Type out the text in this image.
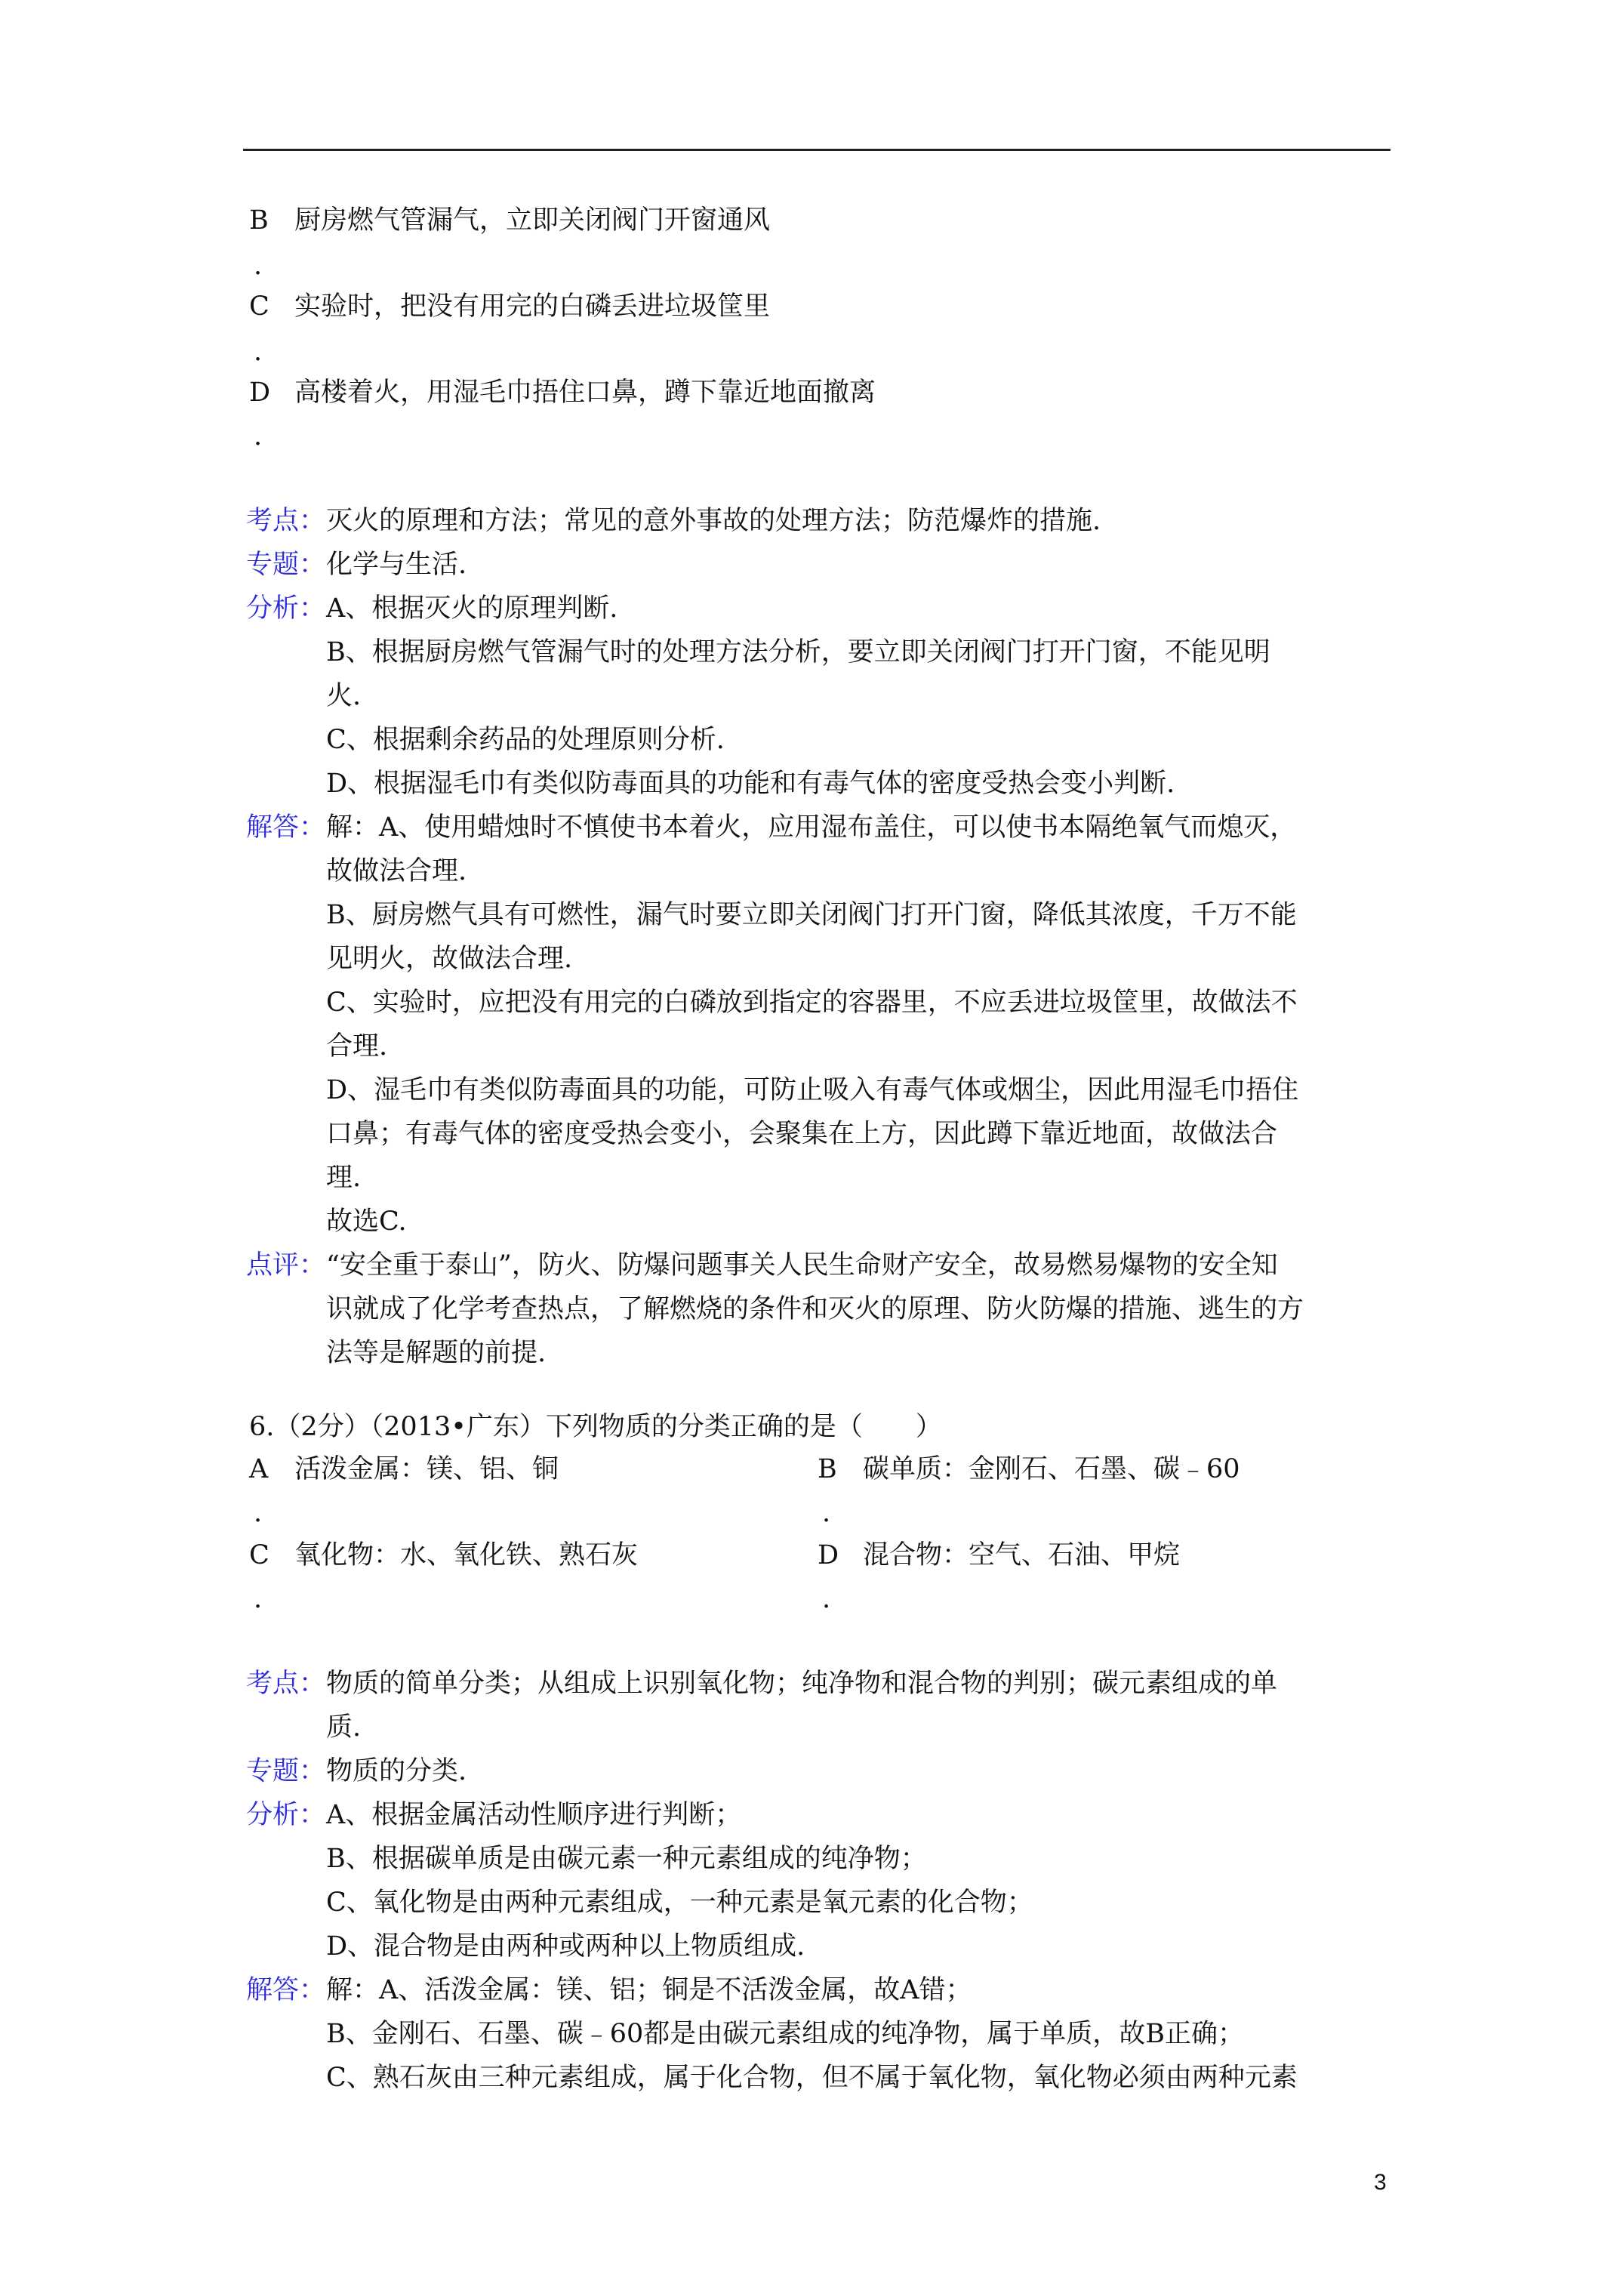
B 厨房燃气管漏气，立即关闭阀门开窗通风
.
C 实验时，把没有用完的白磷丢进垃圾筐里
.
D 高楼着火，用湿毛巾捂住口鼻，蹲下靠近地面撤离
.
考点： 灭火的原理和方法；常见的意外事故的处理方法；防范爆炸的措施.
专题： 化学与生活.
分析： A、根据灭火的原理判断.
B、根据厨房燃气管漏气时的处理方法分析，要立即关闭阀门打开门窗，不能见明
火.
C、根据剩余药品的处理原则分析.
D、根据湿毛巾有类似防毒面具的功能和有毒气体的密度受热会变小判断.
解答： 解：A、使用蜡烛时不慎使书本着火，应用湿布盖住，可以使书本隔绝氧气而熄灭，
故做法合理.
B、厨房燃气具有可燃性，漏气时要立即关闭阀门打开门窗，降低其浓度，千万不能
见明火，故做法合理.
C、实验时，应把没有用完的白磷放到指定的容器里，不应丢进垃圾筐里，故做法不
合理.
D、湿毛巾有类似防毒面具的功能，可防止吸入有毒气体或烟尘，因此用湿毛巾捂住
口鼻；有毒气体的密度受热会变小，会聚集在上方，因此蹲下靠近地面，故做法合
理.
故选C.
点评： “安全重于泰山”，防火、防爆问题事关人民生命财产安全，故易燃易爆物的安全知
识就成了化学考查热点，了解燃烧的条件和灭火的原理、防火防爆的措施、逃生的方
法等是解题的前提.
6.（2分）（2013•广东）下列物质的分类正确的是（　　）
A 活泼金属：镁、铝、铜
.
B 碳单质：金刚石、石墨、碳﹣60
.
C 氧化物：水、氧化铁、熟石灰
.
D 混合物：空气、石油、甲烷
.
考点： 物质的简单分类；从组成上识别氧化物；纯净物和混合物的判别；碳元素组成的单
质.
专题： 物质的分类.
分析： A、根据金属活动性顺序进行判断；
B、根据碳单质是由碳元素一种元素组成的纯净物；
C、氧化物是由两种元素组成，一种元素是氧元素的化合物；
D、混合物是由两种或两种以上物质组成.
解答： 解：A、活泼金属：镁、铝；铜是不活泼金属，故A错；
B、金刚石、石墨、碳﹣60都是由碳元素组成的纯净物，属于单质，故B正确；
C、熟石灰由三种元素组成，属于化合物，但不属于氧化物，氧化物必须由两种元素
3
